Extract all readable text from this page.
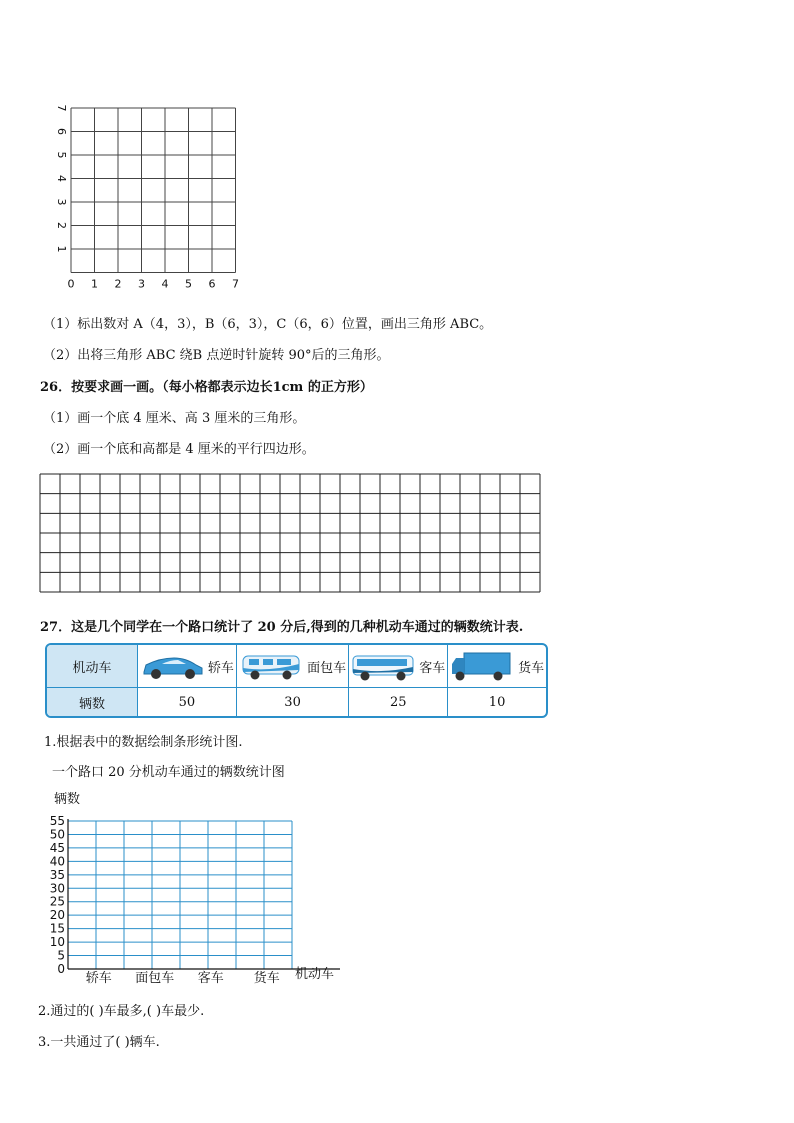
0 1 2 3 4 5 6 7
1
2
3
4
5
6
7
（1）标出数对 A（4，3），B（6，3），C（6，6）位置，画出三角形 ABC。
（2）出将三角形 ABC 绕B 点逆时针旋转 90°后的三角形。
26．按要求画一画。（每小格都表示边长1cm 的正方形）
（1）画一个底 4 厘米、高 3 厘米的三角形。
（2）画一个底和高都是 4 厘米的平行四边形。
27．这是几个同学在一个路口统计了 20 分后,得到的几种机动车通过的辆数统计表.
机动车	轿车	面包车	客车	货车

辆数	50	30	25	10
1.根据表中的数据绘制条形统计图.
一个路口 20 分机动车通过的辆数统计图
辆数
0
5
10
15
20
25
30
35
40
45
50
55
轿车 面包车 客车 货车 机动车
2.通过的( )车最多,( )车最少.
3.一共通过了( )辆车.
